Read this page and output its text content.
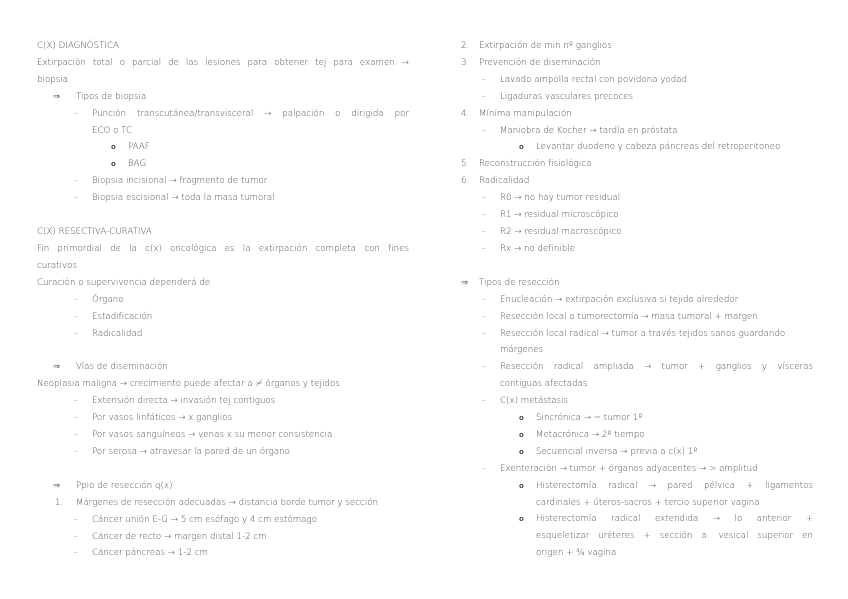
C(X) DIAGNÓSTICA
Extirpación total o parcial de las lesiones para obtener tej para examen →
biopsia
⇒ Tipos de biopsia
- Punción transcutánea/transvisceral → palpación o dirigida por
ECO o TC
o PAAF
o BAG
- Biopsia incisional → fragmento de tumor
- Biopsia escisional → toda la masa tumoral
C(X) RESECTIVA-CURATIVA
Fin primordial de la c(x) oncológica es la extirpación completa con fines
curativos
Curación o supervivencia dependerá de
- Órgano
- Estadificación
- Radicalidad
⇒ Vías de diseminación
Neoplasia maligna → crecimiento puede afectar a ≠ órganos y tejidos
- Extensión directa → invasión tej contiguos
- Por vasos linfáticos → x ganglios
- Por vasos sanguíneos → venas x su menor consistencia
- Por serosa → atravesar la pared de un órgano
⇒ Ppio de resección q(x)
1. Márgenes de resección adecuadas → distancia borde tumor y sección
- Cáncer unión E-G → 5 cm esófago y 4 cm estómago
- Cáncer de recto → margen distal 1-2 cm
- Cáncer páncreas → 1-2 cm
2. Extirpación de min nº ganglios
3. Prevención de diseminación
- Lavado ampolla rectal con povidona yodad
- Ligaduras vasculares precoces
4. Mínima manipulación
- Maniobra de Kocher → tardía en próstata
o Levantar duodeno y cabeza páncreas del retroperitoneo
5. Reconstrucción fisiológica
6. Radicalidad
- R0 → no hay tumor residual
- R1 → residual microscópico
- R2 → residual macroscópico
- Rx → no definible
⇒ Tipos de resección
- Enucleación → extirpación exclusiva si tejido alrededor
- Resección local o tumorectomía → masa tumoral + margen
- Resección local radical → tumor a través tejidos sanos guardando
márgenes
- Resección radical ampliada → tumor + ganglios y vísceras
contiguas afectadas
- C(x) metástasis
o Sincrónica → = tumor 1º
o Metacrónica → 2º tiempo
o Secuencial inversa → previa a c(x) 1º
- Exenteración → tumor + órganos adyacentes → > amplitud
o Histerectomía radical → pared pélvica + ligamentos
cardinales + úteros-sacros + tercio superior vagina
o Histerectomía radical extendida → lo anterior +
esqueletizar uréteres + sección a. vesical superior en
origen + ¾ vagina
